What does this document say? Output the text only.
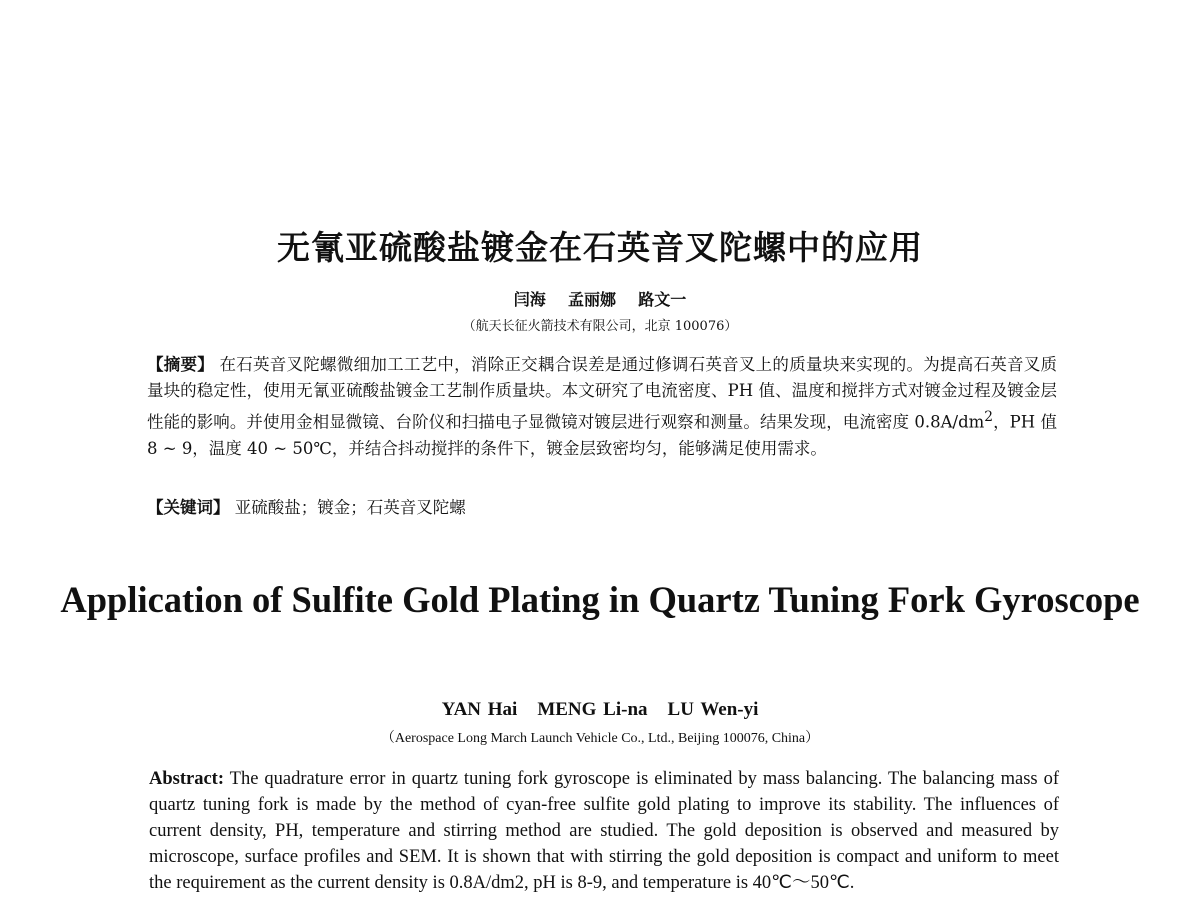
无氰亚硫酸盐镀金在石英音叉陀螺中的应用
闫海 孟丽娜 路文一
（航天长征火箭技术有限公司，北京 100076）
【摘要】 在石英音叉陀螺微细加工工艺中，消除正交耦合误差是通过修调石英音叉上的质量块来实现的。为提高石英音叉质量块的稳定性，使用无氰亚硫酸盐镀金工艺制作质量块。本文研究了电流密度、PH 值、温度和搅拌方式对镀金过程及镀金层性能的影响。并使用金相显微镜、台阶仪和扫描电子显微镜对镀层进行观察和测量。结果发现，电流密度 $0.8A/dm^2$，PH 值 8 ~ 9，温度 40 ~ 50℃，并结合抖动搅拌的条件下，镀金层致密均匀，能够满足使用需求。
【关键词】 亚硫酸盐；镀金；石英音叉陀螺
Application of Sulfite Gold Plating in Quartz Tuning Fork Gyroscope
YAN Hai MENG Li-na LU Wen-yi
（Aerospace Long March Launch Vehicle Co., Ltd., Beijing 100076, China）
Abstract: The quadrature error in quartz tuning fork gyroscope is eliminated by mass balancing. The balancing mass of quartz tuning fork is made by the method of cyan-free sulfite gold plating to improve its stability. The influences of current density, PH, temperature and stirring method are studied. The gold deposition is observed and measured by microscope, surface profiles and SEM. It is shown that with stirring the gold deposition is compact and uniform to meet the requirement as the current density is 0.8A/dm2, pH is 8-9, and temperature is 40℃～50℃.
